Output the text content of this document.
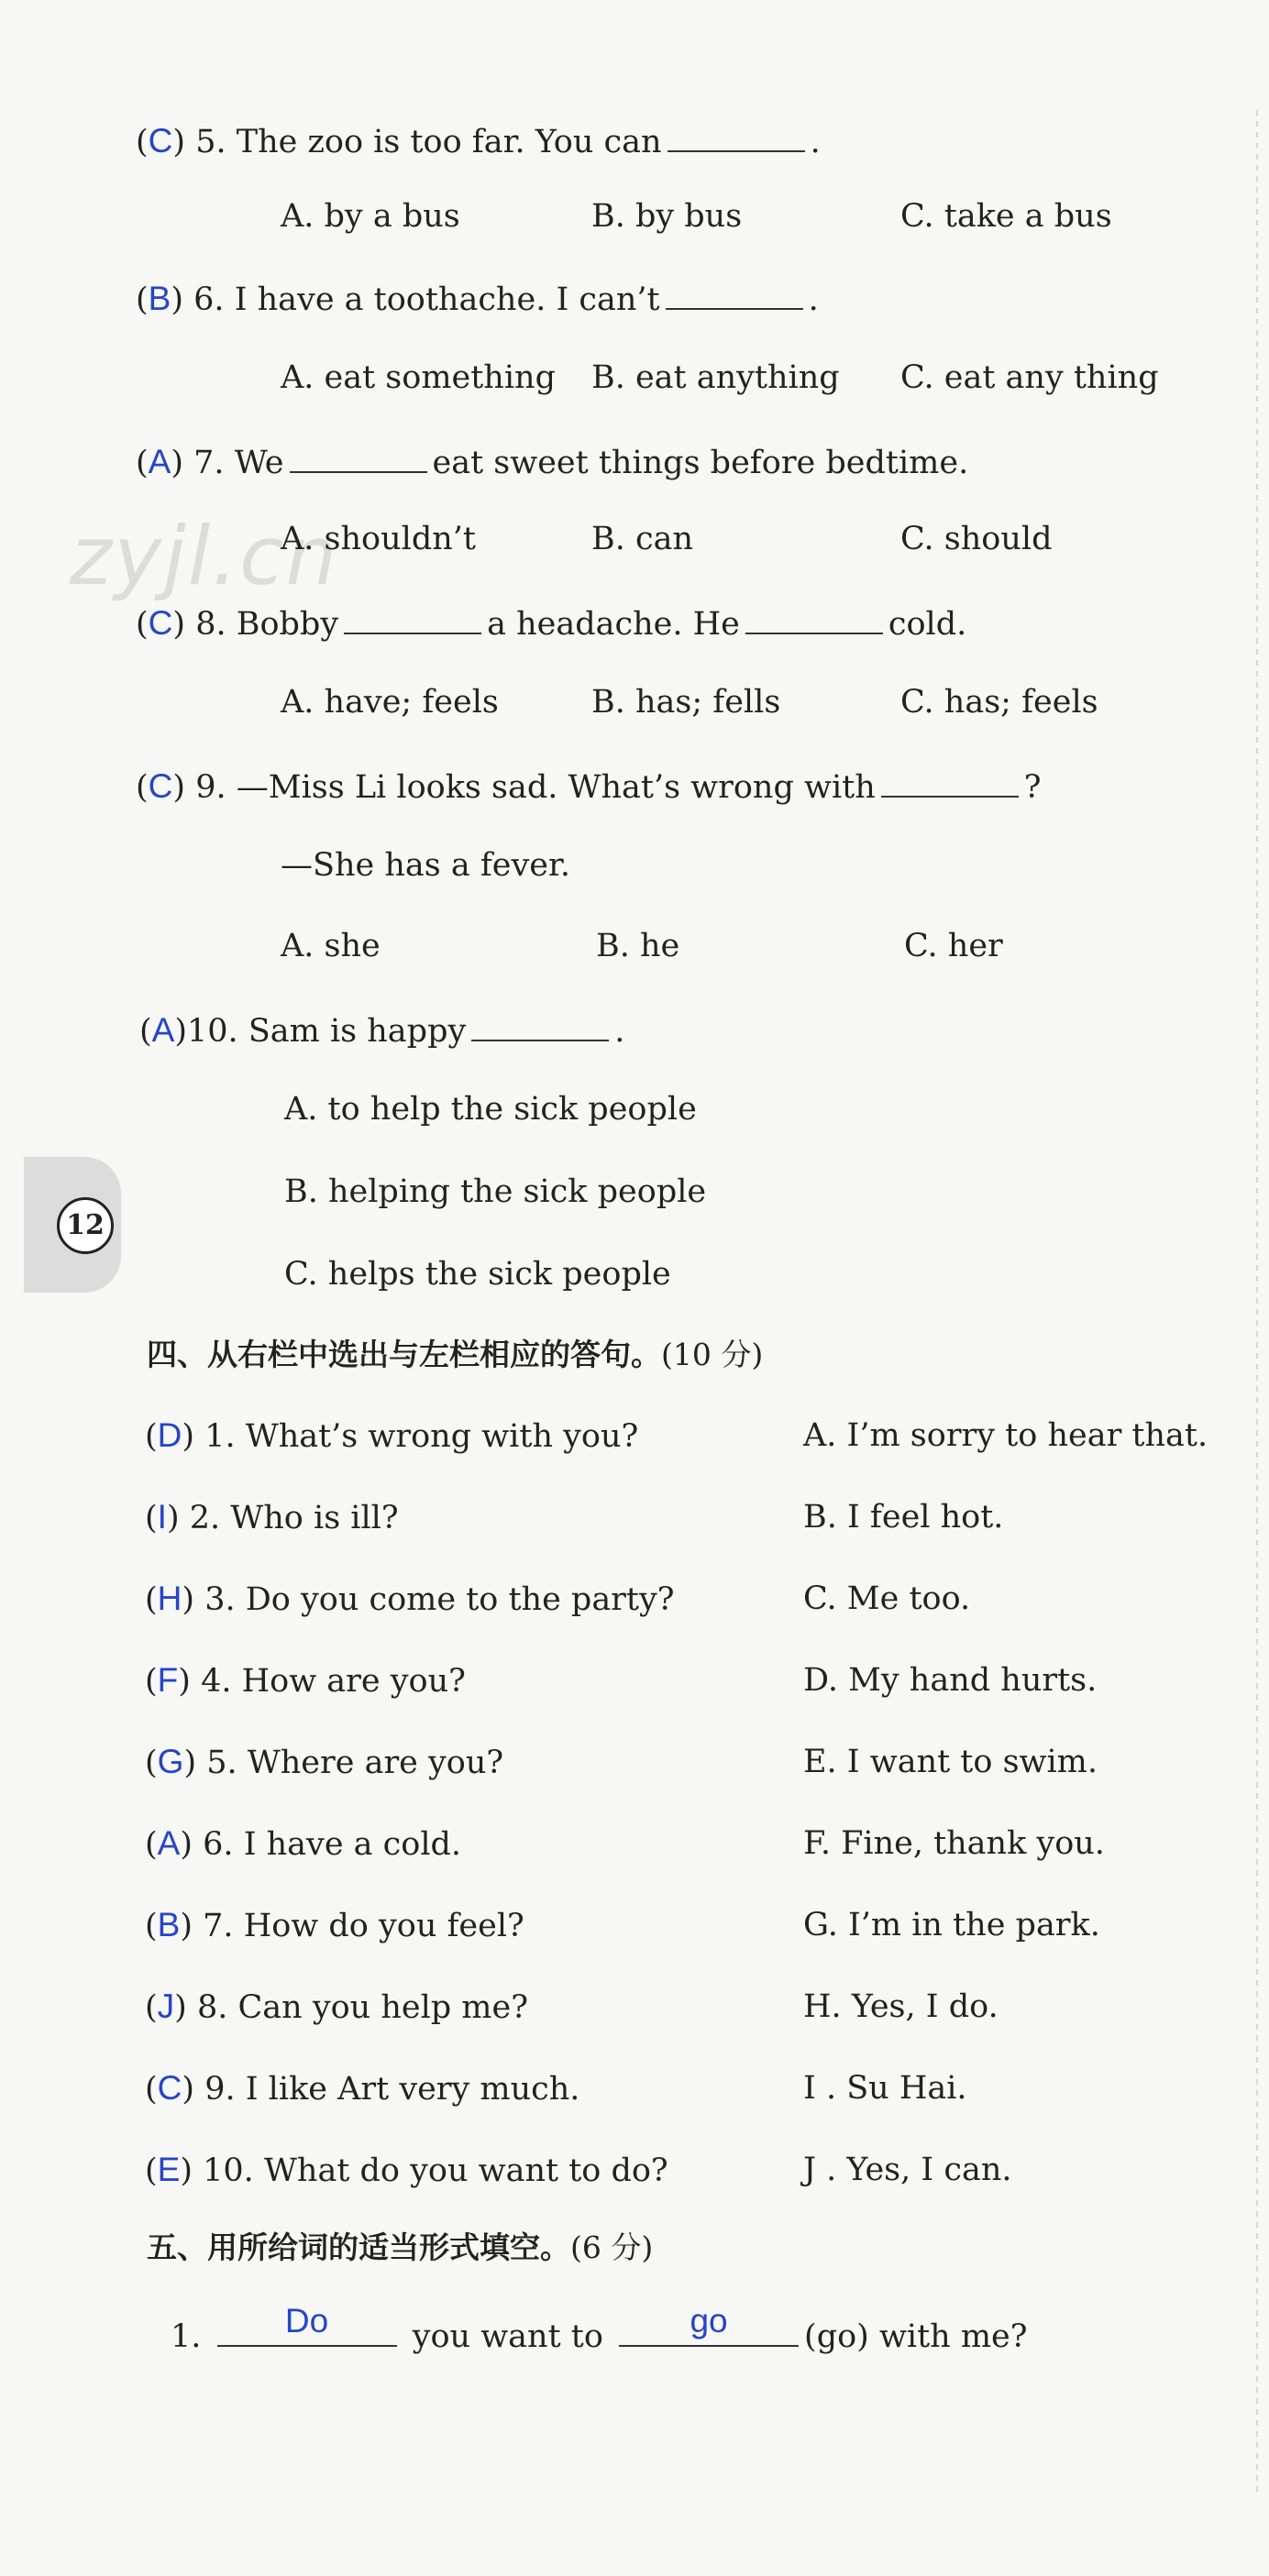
zyjl.cn
(C) 5. The zoo is too far. You can	.
A. by a bus	B. by bus	C. take a bus
(B) 6. I have a toothache. I can’t	.
A. eat something B. eat anything C. eat any thing
(A) 7. We	eat sweet things before bedtime.
A. shouldn’t	B. can	C. should
(C) 8. Bobby	a headache. He	cold.
A. have; feels	B. has; fells	C. has; feels
(C) 9. —Miss Li looks sad. What’s wrong with	?
—She has a fever.
A. she	B. he	C. her
(A)10. Sam is happy	.
A. to help the sick people
B. helping the sick people
C. helps the sick people
12
四、从右栏中选出与左栏相应的答句。(10 分)
(D) 1. What’s wrong with you?	A. I’m sorry to hear that.
(I) 2. Who is ill?	B. I feel hot.
(H) 3. Do you come to the party?	C. Me too.
(F) 4. How are you?	D. My hand hurts.
(G) 5. Where are you?	E. I want to swim.
(A) 6. I have a cold.	F. Fine, thank you.
(B) 7. How do you feel?	G. I’m in the park.
(J) 8. Can you help me?	H. Yes, I do.
(C) 9. I like Art very much.	I . Su Hai.
(E) 10. What do you want to do?	J . Yes, I can.
五、用所给词的适当形式填空。(6 分)
1.	Do	you want to	go	(go) with me?
